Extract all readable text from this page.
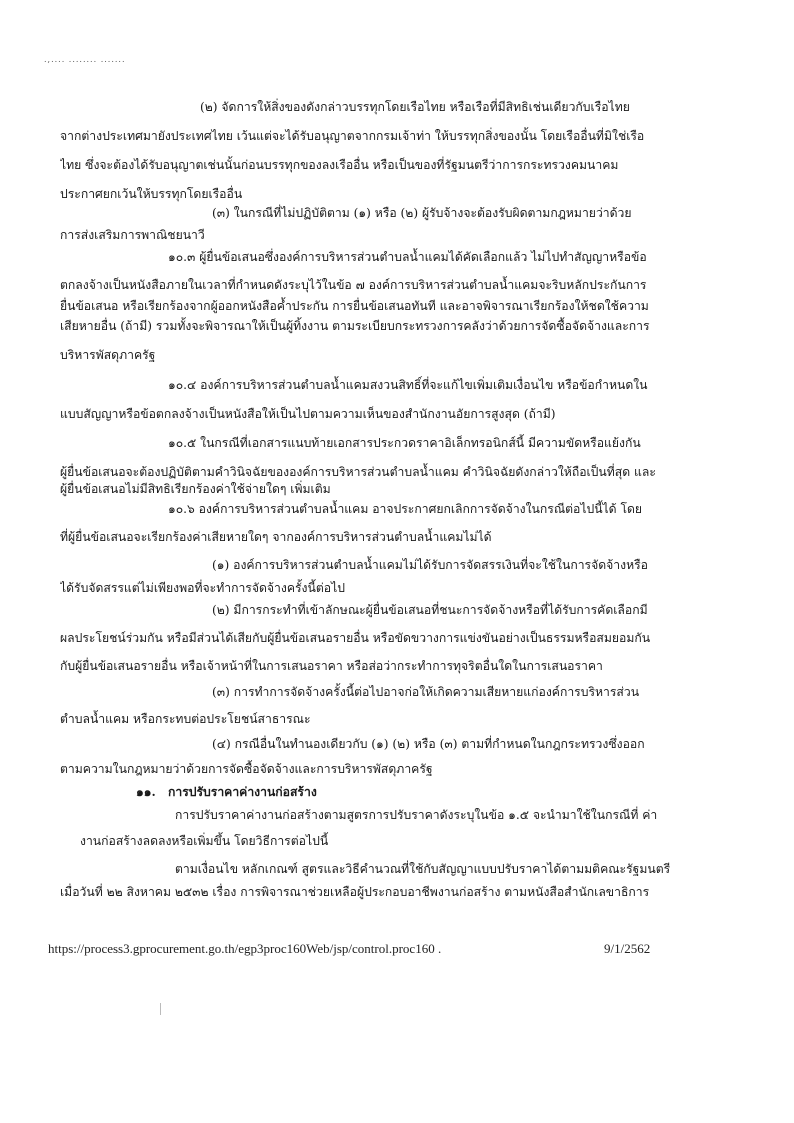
.,.... ........ .......
(๒) จัดการให้สิ่งของดังกล่าวบรรทุกโดยเรือไทย หรือเรือที่มีสิทธิเช่นเดียวกับเรือไทย
จากต่างประเทศมายังประเทศไทย เว้นแต่จะได้รับอนุญาตจากกรมเจ้าท่า ให้บรรทุกสิ่งของนั้น โดยเรืออื่นที่มิใช่เรือ
ไทย ซึ่งจะต้องได้รับอนุญาตเช่นนั้นก่อนบรรทุกของลงเรืออื่น หรือเป็นของที่รัฐมนตรีว่าการกระทรวงคมนาคม
ประกาศยกเว้นให้บรรทุกโดยเรืออื่น
(๓) ในกรณีที่ไม่ปฏิบัติตาม (๑) หรือ (๒) ผู้รับจ้างจะต้องรับผิดตามกฎหมายว่าด้วย
การส่งเสริมการพาณิชยนาวี
๑๐.๓ ผู้ยื่นข้อเสนอซึ่งองค์การบริหารส่วนตำบลน้ำแคมได้คัดเลือกแล้ว ไม่ไปทำสัญญาหรือข้อ
ตกลงจ้างเป็นหนังสือภายในเวลาที่กำหนดดังระบุไว้ในข้อ ๗ องค์การบริหารส่วนตำบลน้ำแคมจะริบหลักประกันการ
ยื่นข้อเสนอ หรือเรียกร้องจากผู้ออกหนังสือค้ำประกัน การยื่นข้อเสนอทันที และอาจพิจารณาเรียกร้องให้ชดใช้ความ
เสียหายอื่น (ถ้ามี) รวมทั้งจะพิจารณาให้เป็นผู้ทิ้งงาน ตามระเบียบกระทรวงการคลังว่าด้วยการจัดซื้อจัดจ้างและการ
บริหารพัสดุภาครัฐ
๑๐.๔ องค์การบริหารส่วนตำบลน้ำแคมสงวนสิทธิ์ที่จะแก้ไขเพิ่มเติมเงื่อนไข หรือข้อกำหนดใน
แบบสัญญาหรือข้อตกลงจ้างเป็นหนังสือให้เป็นไปตามความเห็นของสำนักงานอัยการสูงสุด (ถ้ามี)
๑๐.๕ ในกรณีที่เอกสารแนบท้ายเอกสารประกวดราคาอิเล็กทรอนิกส์นี้ มีความขัดหรือแย้งกัน
ผู้ยื่นข้อเสนอจะต้องปฏิบัติตามคำวินิจฉัยขององค์การบริหารส่วนตำบลน้ำแคม คำวินิจฉัยดังกล่าวให้ถือเป็นที่สุด และ
ผู้ยื่นข้อเสนอไม่มีสิทธิเรียกร้องค่าใช้จ่ายใดๆ เพิ่มเติม
๑๐.๖ องค์การบริหารส่วนตำบลน้ำแคม อาจประกาศยกเลิกการจัดจ้างในกรณีต่อไปนี้ได้ โดย
ที่ผู้ยื่นข้อเสนอจะเรียกร้องค่าเสียหายใดๆ จากองค์การบริหารส่วนตำบลน้ำแคมไม่ได้
(๑) องค์การบริหารส่วนตำบลน้ำแคมไม่ได้รับการจัดสรรเงินที่จะใช้ในการจัดจ้างหรือ
ได้รับจัดสรรแต่ไม่เพียงพอที่จะทำการจัดจ้างครั้งนี้ต่อไป
(๒) มีการกระทำที่เข้าลักษณะผู้ยื่นข้อเสนอที่ชนะการจัดจ้างหรือที่ได้รับการคัดเลือกมี
ผลประโยชน์ร่วมกัน หรือมีส่วนได้เสียกับผู้ยื่นข้อเสนอรายอื่น หรือขัดขวางการแข่งขันอย่างเป็นธรรมหรือสมยอมกัน
กับผู้ยื่นข้อเสนอรายอื่น หรือเจ้าหน้าที่ในการเสนอราคา หรือส่อว่ากระทำการทุจริตอื่นใดในการเสนอราคา
(๓) การทำการจัดจ้างครั้งนี้ต่อไปอาจก่อให้เกิดความเสียหายแก่องค์การบริหารส่วน
ตำบลน้ำแคม หรือกระทบต่อประโยชน์สาธารณะ
(๔) กรณีอื่นในทำนองเดียวกับ (๑) (๒) หรือ (๓) ตามที่กำหนดในกฎกระทรวงซึ่งออก
ตามความในกฎหมายว่าด้วยการจัดซื้อจัดจ้างและการบริหารพัสดุภาครัฐ
๑๑.	การปรับราคาค่างานก่อสร้าง
การปรับราคาค่างานก่อสร้างตามสูตรการปรับราคาดังระบุในข้อ ๑.๕ จะนำมาใช้ในกรณีที่ ค่า
งานก่อสร้างลดลงหรือเพิ่มขึ้น โดยวิธีการต่อไปนี้
ตามเงื่อนไข หลักเกณฑ์ สูตรและวิธีคำนวณที่ใช้กับสัญญาแบบปรับราคาได้ตามมติคณะรัฐมนตรี
เมื่อวันที่ ๒๒ สิงหาคม ๒๕๓๒ เรื่อง การพิจารณาช่วยเหลือผู้ประกอบอาชีพงานก่อสร้าง ตามหนังสือสำนักเลขาธิการ
https://process3.gprocurement.go.th/egp3proc160Web/jsp/control.proc160 .	9/1/2562
